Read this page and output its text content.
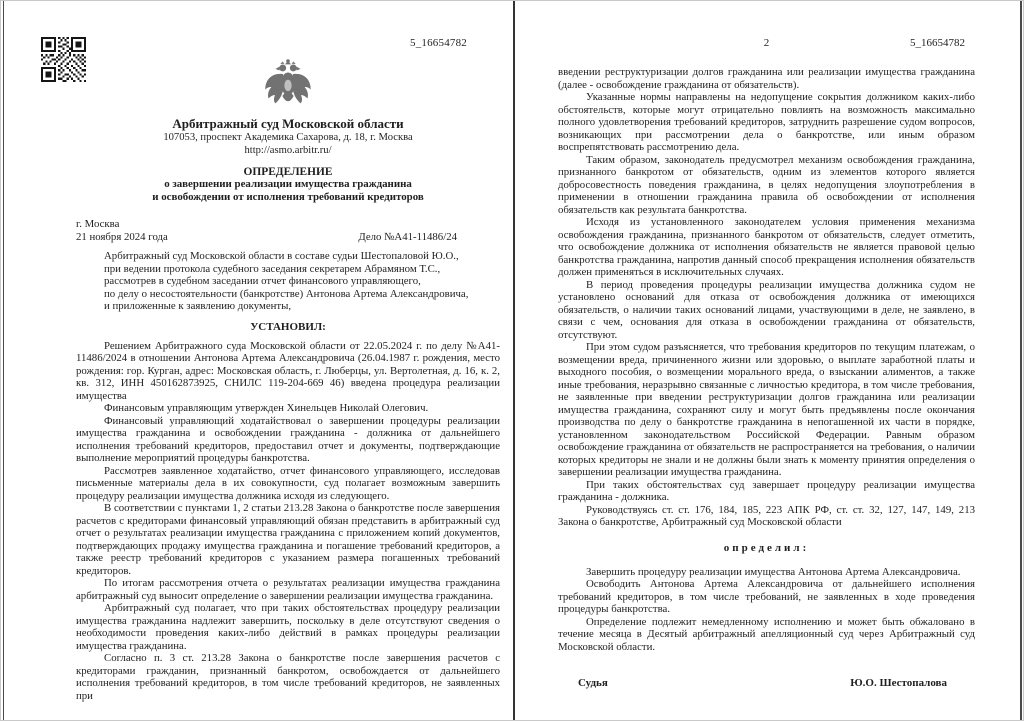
5_16654782
Арбитражный суд Московской области
107053, проспект Академика Сахарова, д. 18, г. Москва
http://asmo.arbitr.ru/
ОПРЕДЕЛЕНИЕ
о завершении реализации имущества гражданина
и освобождении от исполнения требований кредиторов
г. Москва
21 ноября 2024 года	Дело №А41-11486/24
Арбитражный суд Московской области в составе судьи Шестопаловой Ю.О.,
при ведении протокола судебного заседания секретарем Абрамяном Т.С.,
рассмотрев в судебном заседании отчет финансового управляющего,
по делу о несостоятельности (банкротстве) Антонова Артема Александровича,
и приложенные к заявлению документы,
УСТАНОВИЛ:

Решением Арбитражного суда Московской области от 22.05.2024 г. по делу №А41-11486/2024 в отношении Антонова Артема Александровича (26.04.1987 г. рождения, место рождения: гор. Курган, адрес: Московская область, г. Люберцы, ул. Вертолетная, д. 16, к. 2, кв. 312, ИНН 450162873925, СНИЛС 119-204-669 46) введена процедура реализации имущества

Финансовым управляющим утвержден Хинельцев Николай Олегович.

Финансовый управляющий ходатайствовал о завершении процедуры реализации имущества гражданина и освобождении гражданина - должника от дальнейшего исполнения требований кредиторов, предоставил отчет и документы, подтверждающие выполнение мероприятий процедуры банкротства.

Рассмотрев заявленное ходатайство, отчет финансового управляющего, исследовав письменные материалы дела в их совокупности, суд полагает возможным завершить процедуру реализации имущества должника исходя из следующего.

В соответствии с пунктами 1, 2 статьи 213.28 Закона о банкротстве после завершения расчетов с кредиторами финансовый управляющий обязан представить в арбитражный суд отчет о результатах реализации имущества гражданина с приложением копий документов, подтверждающих продажу имущества гражданина и погашение требований кредиторов, а также реестр требований кредиторов с указанием размера погашенных требований кредиторов.

По итогам рассмотрения отчета о результатах реализации имущества гражданина арбитражный суд выносит определение о завершении реализации имущества гражданина.

Арбитражный суд полагает, что при таких обстоятельствах процедуру реализации имущества гражданина надлежит завершить, поскольку в деле отсутствуют сведения о необходимости проведения каких-либо действий в рамках процедуры реализации имущества гражданина.

Согласно п. 3 ст. 213.28 Закона о банкротстве после завершения расчетов с кредиторами гражданин, признанный банкротом, освобождается от дальнейшего исполнения требований кредиторов, в том числе требований кредиторов, не заявленных при

2	5_16654782

введении реструктуризации долгов гражданина или реализации имущества гражданина (далее - освобождение гражданина от обязательств).

Указанные нормы направлены на недопущение сокрытия должником каких-либо обстоятельств, которые могут отрицательно повлиять на возможность максимально полного удовлетворения требований кредиторов, затруднить разрешение судом вопросов, возникающих при рассмотрении дела о банкротстве, или иным образом воспрепятствовать рассмотрению дела.

Таким образом, законодатель предусмотрел механизм освобождения гражданина, признанного банкротом от обязательств, одним из элементов которого является добросовестность поведения гражданина, в целях недопущения злоупотребления в применении в отношении гражданина правила об освобождении от исполнения обязательств как результата банкротства.

Исходя из установленного законодателем условия применения механизма освобождения гражданина, признанного банкротом от обязательств, следует отметить, что освобождение должника от исполнения обязательств не является правовой целью банкротства гражданина, напротив данный способ прекращения исполнения обязательств должен применяться в исключительных случаях.

В период проведения процедуры реализации имущества должника судом не установлено оснований для отказа от освобождения должника от имеющихся обязательств, о наличии таких оснований лицами, участвующими в деле, не заявлено, в связи с чем, основания для отказа в освобождении гражданина от обязательств, отсутствуют.

При этом судом разъясняется, что требования кредиторов по текущим платежам, о возмещении вреда, причиненного жизни или здоровью, о выплате заработной платы и выходного пособия, о возмещении морального вреда, о взыскании алиментов, а также иные требования, неразрывно связанные с личностью кредитора, в том числе требования, не заявленные при введении реструктуризации долгов гражданина или реализации имущества гражданина, сохраняют силу и могут быть предъявлены после окончания производства по делу о банкротстве гражданина в непогашенной их части в порядке, установленном законодательством Российской Федерации. Равным образом освобождение гражданина от обязательств не распространяется на требования, о наличии которых кредиторы не знали и не должны были знать к моменту принятия определения о завершении реализации имущества гражданина.

При таких обстоятельствах суд завершает процедуру реализации имущества гражданина - должника.

Руководствуясь ст. ст. 176, 184, 185, 223 АПК РФ, ст. ст. 32, 127, 147, 149, 213 Закона о банкротстве, Арбитражный суд Московской области

определил:

Завершить процедуру реализации имущества Антонова Артема Александровича.

Освободить Антонова Артема Александровича от дальнейшего исполнения требований кредиторов, в том числе требований, не заявленных в ходе проведения процедуры банкротства.

Определение подлежит немедленному исполнению и может быть обжаловано в течение месяца в Десятый арбитражный апелляционный суд через Арбитражный суд Московской области.

Судья	Ю.О. Шестопалова
